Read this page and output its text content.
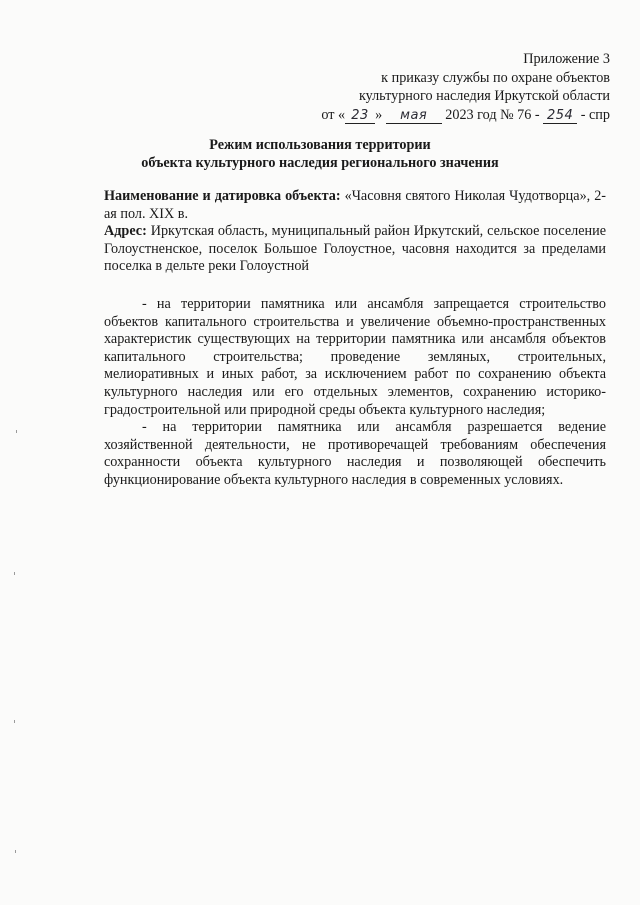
Приложение 3
к приказу службы по охране объектов
культурного наследия Иркутской области
от « 23 » мая 2023 год № 76 - 254 - спр
Режим использования территории
объекта культурного наследия регионального значения

Наименование и датировка объекта: «Часовня святого Николая Чудотворца», 2-ая пол. XIX в.

Адрес: Иркутская область, муниципальный район Иркутский, сельское поселение Голоустненское, поселок Большое Голоустное, часовня находится за пределами поселка в дельте реки Голоустной

- на территории памятника или ансамбля запрещается строительство объектов капитального строительства и увеличение объемно-пространственных характеристик существующих на территории памятника или ансамбля объектов капитального строительства; проведение земляных, строительных, мелиоративных и иных работ, за исключением работ по сохранению объекта культурного наследия или его отдельных элементов, сохранению историко-градостроительной или природной среды объекта культурного наследия;

- на территории памятника или ансамбля разрешается ведение хозяйственной деятельности, не противоречащей требованиям обеспечения сохранности объекта культурного наследия и позволяющей обеспечить функционирование объекта культурного наследия в современных условиях.
